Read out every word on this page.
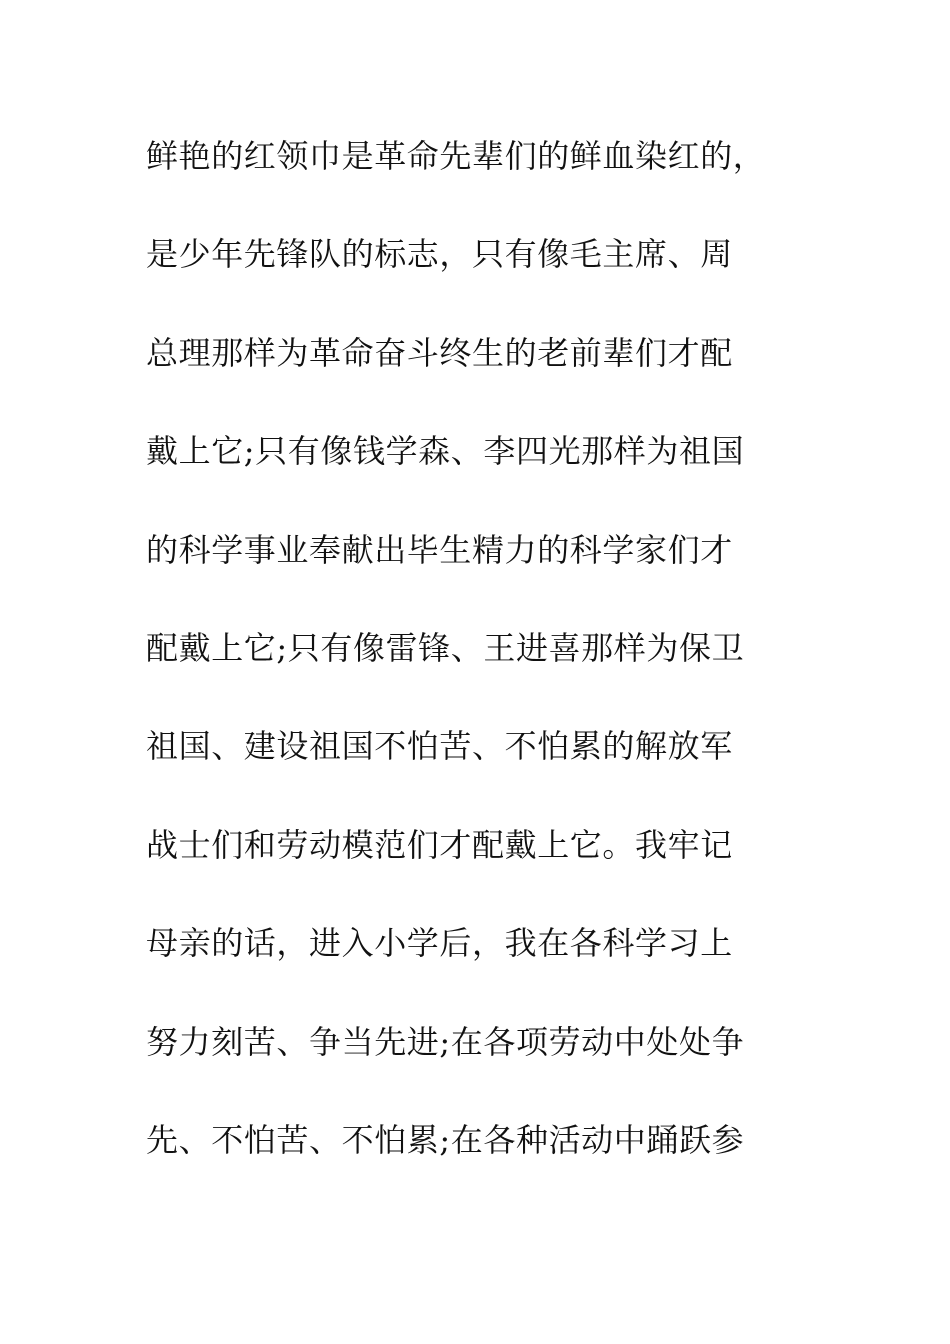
鲜艳的红领巾是革命先辈们的鲜血染红的，
是少年先锋队的标志，只有像毛主席、周
总理那样为革命奋斗终生的老前辈们才配
戴上它;只有像钱学森、李四光那样为祖国
的科学事业奉献出毕生精力的科学家们才
配戴上它;只有像雷锋、王进喜那样为保卫
祖国、建设祖国不怕苦、不怕累的解放军
战士们和劳动模范们才配戴上它。我牢记
母亲的话，进入小学后，我在各科学习上
努力刻苦、争当先进;在各项劳动中处处争
先、不怕苦、不怕累;在各种活动中踊跃参
